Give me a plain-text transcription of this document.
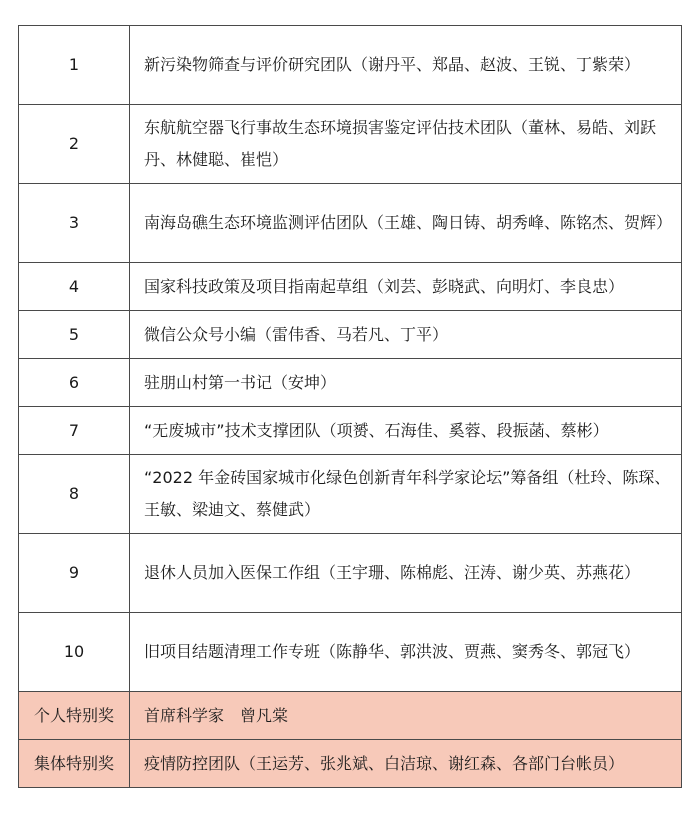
1	新污染物筛查与评价研究团队（谢丹平、郑晶、赵波、王锐、丁紫荣）

2	东航航空器飞行事故生态环境损害鉴定评估技术团队（董林、易皓、刘跃丹、林健聪、崔恺）

3	南海岛礁生态环境监测评估团队（王雄、陶日铸、胡秀峰、陈铭杰、贺辉）

4	国家科技政策及项目指南起草组（刘芸、彭晓武、向明灯、李良忠）

5	微信公众号小编（雷伟香、马若凡、丁平）

6	驻朋山村第一书记（安坤）

7	“无废城市”技术支撑团队（项赟、石海佳、奚蓉、段振菡、蔡彬）

8	“2022 年金砖国家城市化绿色创新青年科学家论坛”筹备组（杜玲、陈琛、王敏、梁迪文、蔡健武）

9	退休人员加入医保工作组（王宇珊、陈棉彪、汪涛、谢少英、苏燕花）

10	旧项目结题清理工作专班（陈静华、郭洪波、贾燕、窦秀冬、郭冠飞）

个人特别奖	首席科学家　曾凡棠

集体特别奖	疫情防控团队（王运芳、张兆斌、白洁琼、谢红森、各部门台帐员）
